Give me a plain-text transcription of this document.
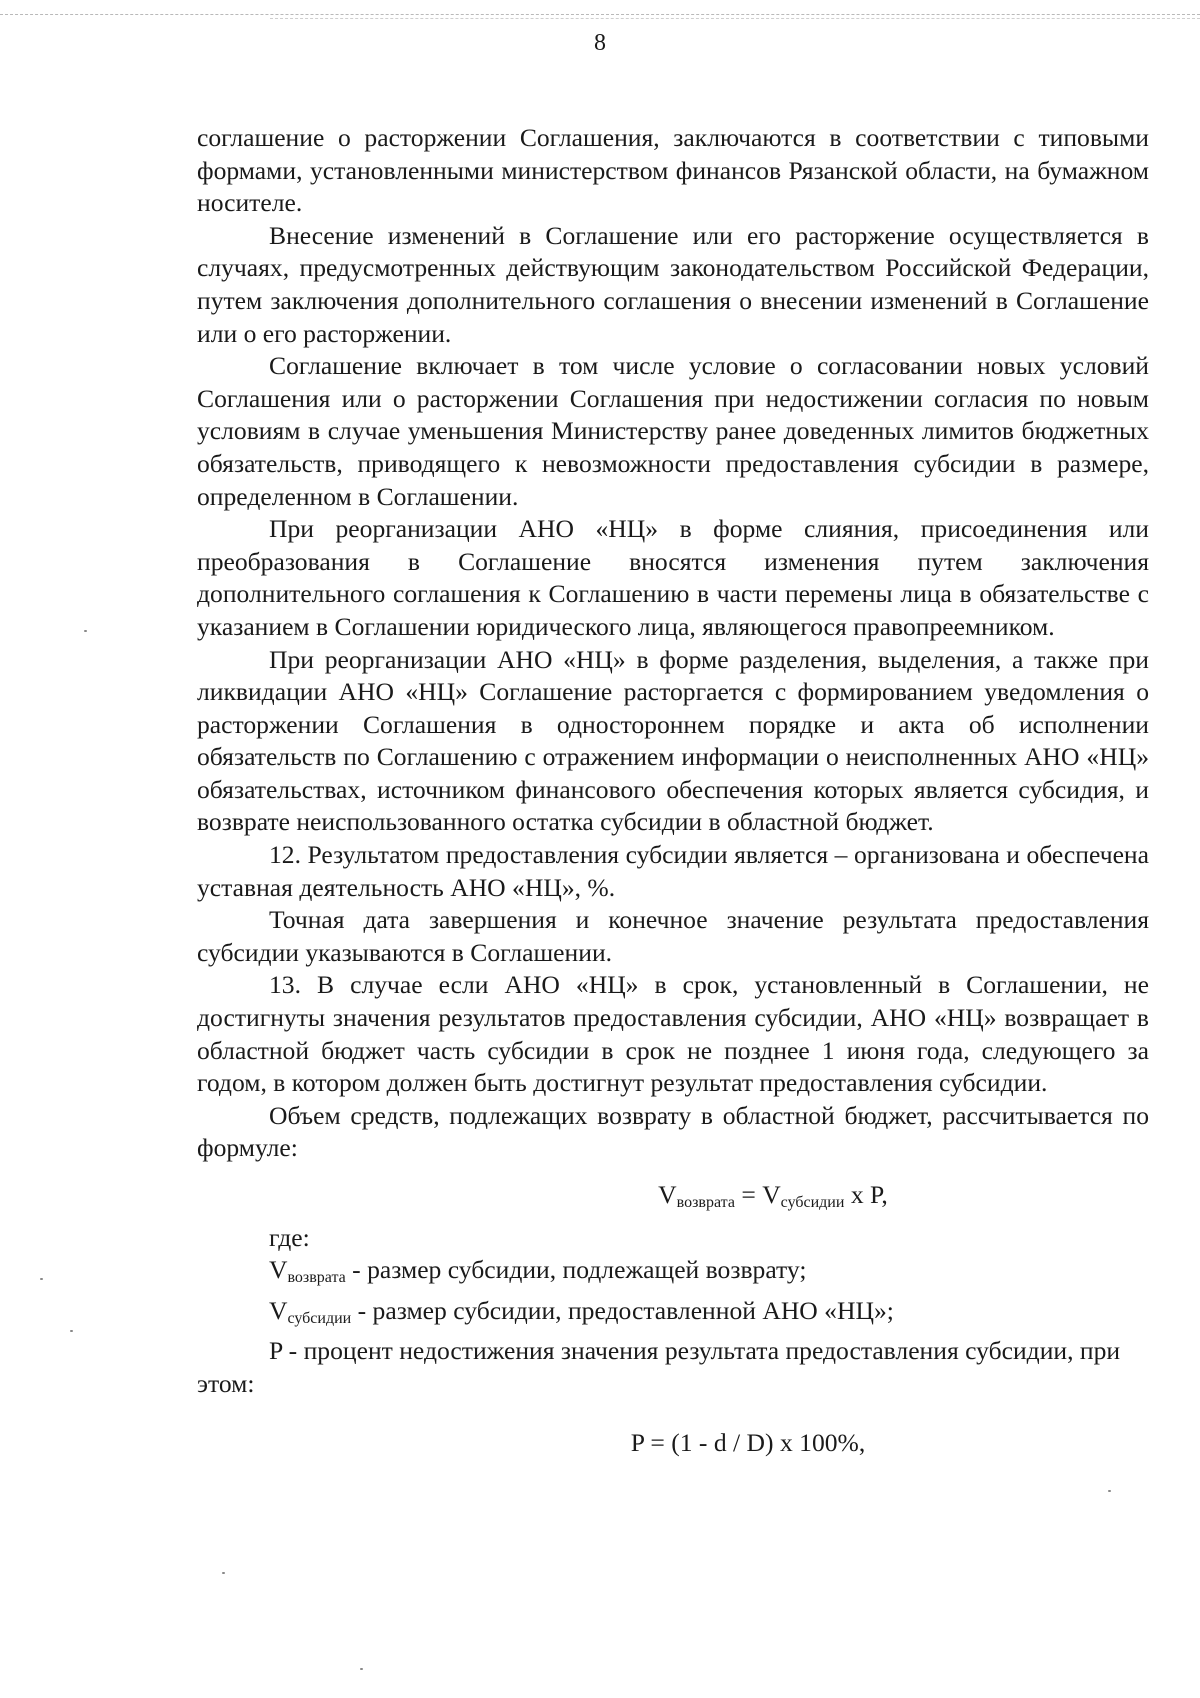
8

соглашение о расторжении Соглашения, заключаются в соответствии с типовыми формами, установленными министерством финансов Рязанской области, на бумажном носителе.

Внесение изменений в Соглашение или его расторжение осуществляется в случаях, предусмотренных действующим законодательством Российской Федерации, путем заключения дополнительного соглашения о внесении изменений в Соглашение или о его расторжении.

Соглашение включает в том числе условие о согласовании новых условий Соглашения или о расторжении Соглашения при недостижении согласия по новым условиям в случае уменьшения Министерству ранее доведенных лимитов бюджетных обязательств, приводящего к невозможности предоставления субсидии в размере, определенном в Соглашении.

При реорганизации АНО «НЦ» в форме слияния, присоединения или преобразования в Соглашение вносятся изменения путем заключения дополнительного соглашения к Соглашению в части перемены лица в обязательстве с указанием в Соглашении юридического лица, являющегося правопреемником.

При реорганизации АНО «НЦ» в форме разделения, выделения, а также при ликвидации АНО «НЦ» Соглашение расторгается с формированием уведомления о расторжении Соглашения в одностороннем порядке и акта об исполнении обязательств по Соглашению с отражением информации о неисполненных АНО «НЦ» обязательствах, источником финансового обеспечения которых является субсидия, и возврате неиспользованного остатка субсидии в областной бюджет.

12. Результатом предоставления субсидии является – организована и обеспечена уставная деятельность АНО «НЦ», %.

Точная дата завершения и конечное значение результата предоставления субсидии указываются в Соглашении.

13. В случае если АНО «НЦ» в срок, установленный в Соглашении, не достигнуты значения результатов предоставления субсидии, АНО «НЦ» возвращает в областной бюджет часть субсидии в срок не позднее 1 июня года, следующего за годом, в котором должен быть достигнут результат предоставления субсидии.

Объем средств, подлежащих возврату в областной бюджет, рассчитывается по формуле:

$V_{возврата} = V_{субсидии}$ x P,

где:

$V_{возврата}$ - размер субсидии, подлежащей возврату;

$V_{субсидии}$ - размер субсидии, предоставленной АНО «НЦ»;

P - процент недостижения значения результата предоставления субсидии, при этом:

P = (1 - d / D) x 100%,
